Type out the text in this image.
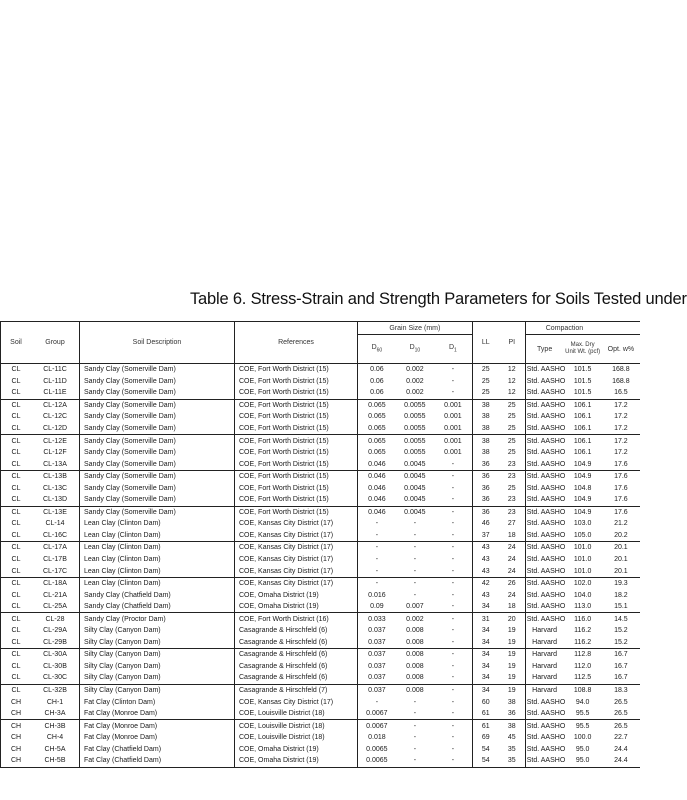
Table 6. Stress-Strain and Strength Parameters for Soils Tested under
Soil	Group	Soil Description	References	Grain Size (mm)			LL	PI	Compaction		
				$D_{60}$	$D_{10}$	$D_1$			Type	Max. Dry Unit Wt. (pcf)	Opt. w%
CL	CL-11C	Sandy Clay (Somerville Dam)	COE, Fort Worth District (15)	0.06	0.002	-	25	12	Std. AASHO	101.5	168.8
CL	CL-11D	Sandy Clay (Somerville Dam)	COE, Fort Worth District (15)	0.06	0.002	-	25	12	Std. AASHO	101.5	168.8
CL	CL-11E	Sandy Clay (Somerville Dam)	COE, Fort Worth District (15)	0.06	0.002	-	25	12	Std. AASHO	101.5	16.5
CL	CL-12A	Sandy Clay (Somerville Dam)	COE, Fort Worth District (15)	0.065	0.0055	0.001	38	25	Std. AASHO	106.1	17.2
CL	CL-12C	Sandy Clay (Somerville Dam)	COE, Fort Worth District (15)	0.065	0.0055	0.001	38	25	Std. AASHO	106.1	17.2
CL	CL-12D	Sandy Clay (Somerville Dam)	COE, Fort Worth District (15)	0.065	0.0055	0.001	38	25	Std. AASHO	106.1	17.2
CL	CL-12E	Sandy Clay (Somerville Dam)	COE, Fort Worth District (15)	0.065	0.0055	0.001	38	25	Std. AASHO	106.1	17.2
CL	CL-12F	Sandy Clay (Somerville Dam)	COE, Fort Worth District (15)	0.065	0.0055	0.001	38	25	Std. AASHO	106.1	17.2
CL	CL-13A	Sandy Clay (Somerville Dam)	COE, Fort Worth District (15)	0.046	0.0045	-	36	23	Std. AASHO	104.9	17.6
CL	CL-13B	Sandy Clay (Somerville Dam)	COE, Fort Worth District (15)	0.046	0.0045	-	36	23	Std. AASHO	104.9	17.6
CL	CL-13C	Sandy Clay (Somerville Dam)	COE, Fort Worth District (15)	0.046	0.0045	-	36	25	Std. AASHO	104.8	17.6
CL	CL-13D	Sandy Clay (Somerville Dam)	COE, Fort Worth District (15)	0.046	0.0045	-	36	23	Std. AASHO	104.9	17.6
CL	CL-13E	Sandy Clay (Somerville Dam)	COE, Fort Worth District (15)	0.046	0.0045	-	36	23	Std. AASHO	104.9	17.6
CL	CL-14	Lean Clay (Clinton Dam)	COE, Kansas City District (17)	-	-	-	46	27	Std. AASHO	103.0	21.2
CL	CL-16C	Lean Clay (Clinton Dam)	COE, Kansas City District (17)	-	-	-	37	18	Std. AASHO	105.0	20.2
CL	CL-17A	Lean Clay (Clinton Dam)	COE, Kansas City District (17)	-	-	-	43	24	Std. AASHO	101.0	20.1
CL	CL-17B	Lean Clay (Clinton Dam)	COE, Kansas City District (17)	-	-	-	43	24	Std. AASHO	101.0	20.1
CL	CL-17C	Lean Clay (Clinton Dam)	COE, Kansas City District (17)	-	-	-	43	24	Std. AASHO	101.0	20.1
CL	CL-18A	Lean Clay (Clinton Dam)	COE, Kansas City District (17)	-	-	-	42	26	Std. AASHO	102.0	19.3
CL	CL-21A	Sandy Clay (Chatfield Dam)	COE, Omaha District (19)	0.016	-	-	43	24	Std. AASHO	104.0	18.2
CL	CL-25A	Sandy Clay (Chatfield Dam)	COE, Omaha District (19)	0.09	0.007	-	34	18	Std. AASHO	113.0	15.1
CL	CL-28	Sandy Clay (Proctor Dam)	COE, Fort Worth District (16)	0.033	0.002	-	31	20	Std. AASHO	116.0	14.5
CL	CL-29A	Silty Clay (Canyon Dam)	Casagrande & Hirschfeld (6)	0.037	0.008	-	34	19	Harvard	116.2	15.2
CL	CL-29B	Silty Clay (Canyon Dam)	Casagrande & Hirschfeld (6)	0.037	0.008	-	34	19	Harvard	116.2	15.2
CL	CL-30A	Silty Clay (Canyon Dam)	Casagrande & Hirschfeld (6)	0.037	0.008	-	34	19	Harvard	112.8	16.7
CL	CL-30B	Silty Clay (Canyon Dam)	Casagrande & Hirschfeld (6)	0.037	0.008	-	34	19	Harvard	112.0	16.7
CL	CL-30C	Silty Clay (Canyon Dam)	Casagrande & Hirschfeld (6)	0.037	0.008	-	34	19	Harvard	112.5	16.7
CL	CL-32B	Silty Clay (Canyon Dam)	Casagrande & Hirschfeld (7)	0.037	0.008	-	34	19	Harvard	108.8	18.3
CH	CH-1	Fat Clay (Clinton Dam)	COE, Kansas City District (17)	-	-	-	60	38	Std. AASHO	94.0	26.5
CH	CH-3A	Fat Clay (Monroe Dam)	COE, Louisville District (18)	0.0067	-	-	61	36	Std. AASHO	95.5	26.5
CH	CH-3B	Fat Clay (Monroe Dam)	COE, Louisville District (18)	0.0067	-	-	61	38	Std. AASHO	95.5	26.5
CH	CH-4	Fat Clay (Monroe Dam)	COE, Louisville District (18)	0.018	-	-	69	45	Std. AASHO	100.0	22.7
CH	CH-5A	Fat Clay (Chatfield Dam)	COE, Omaha District (19)	0.0065	-	-	54	35	Std. AASHO	95.0	24.4
CH	CH-5B	Fat Clay (Chatfield Dam)	COE, Omaha District (19)	0.0065	-	-	54	35	Std. AASHO	95.0	24.4
